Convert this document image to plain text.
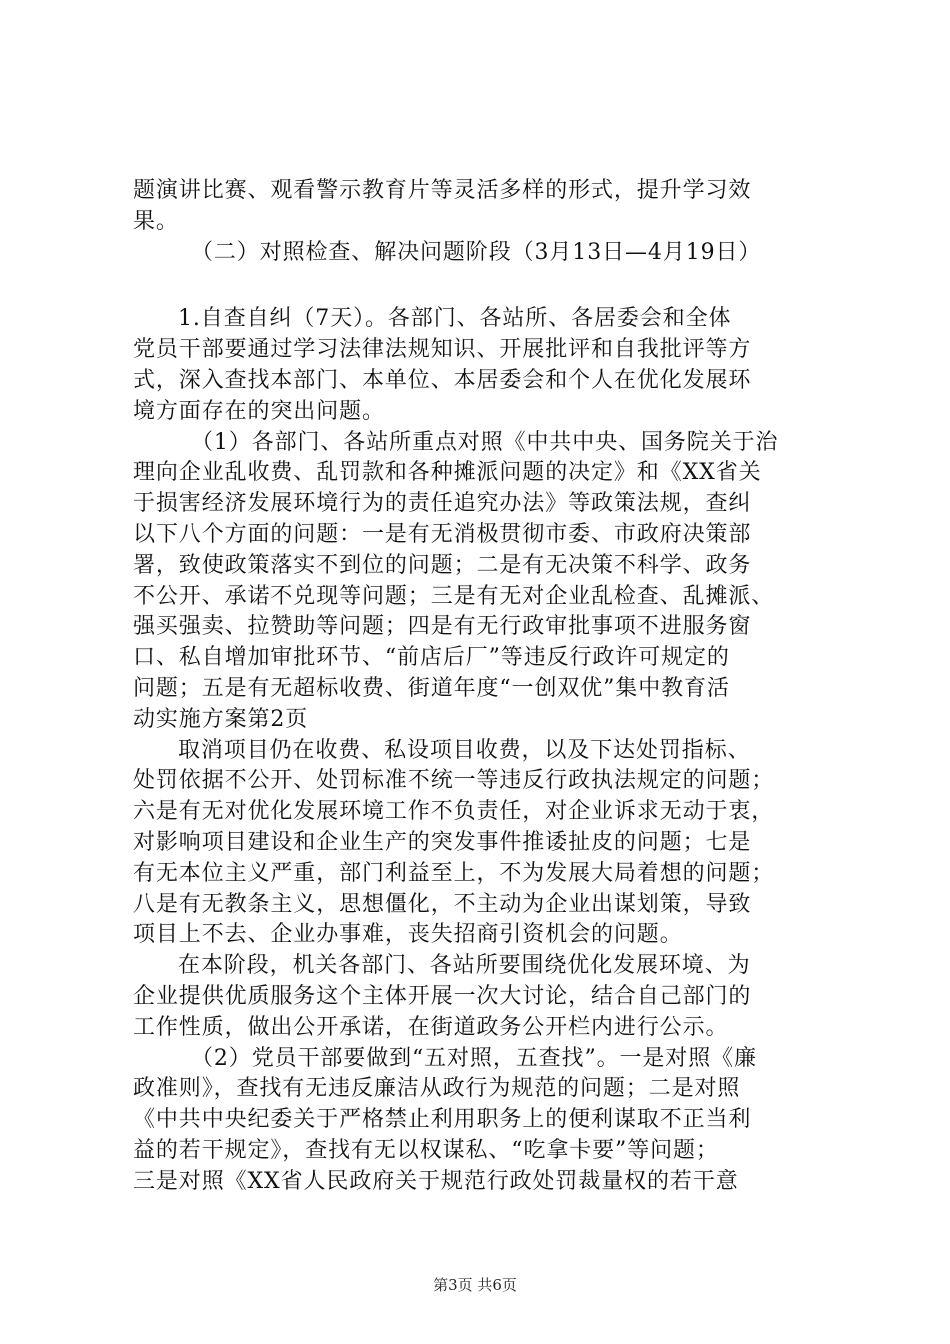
题演讲比赛、观看警示教育片等灵活多样的形式，提升学习效
果。
（二）对照检查、解决问题阶段（3月13日—4月19日）
1.自查自纠（7天）。各部门、各站所、各居委会和全体
党员干部要通过学习法律法规知识、开展批评和自我批评等方
式，深入查找本部门、本单位、本居委会和个人在优化发展环
境方面存在的突出问题。
（1）各部门、各站所重点对照《中共中央、国务院关于治
理向企业乱收费、乱罚款和各种摊派问题的决定》和《XX省关
于损害经济发展环境行为的责任追究办法》等政策法规，查纠
以下八个方面的问题：一是有无消极贯彻市委、市政府决策部
署，致使政策落实不到位的问题；二是有无决策不科学、政务
不公开、承诺不兑现等问题；三是有无对企业乱检查、乱摊派、
强买强卖、拉赞助等问题；四是有无行政审批事项不进服务窗
口、私自增加审批环节、“前店后厂”等违反行政许可规定的
问题；五是有无超标收费、街道年度“一创双优”集中教育活
动实施方案第2页
取消项目仍在收费、私设项目收费，以及下达处罚指标、
处罚依据不公开、处罚标准不统一等违反行政执法规定的问题；
六是有无对优化发展环境工作不负责任，对企业诉求无动于衷，
对影响项目建设和企业生产的突发事件推诿扯皮的问题；七是
有无本位主义严重，部门利益至上，不为发展大局着想的问题；
八是有无教条主义，思想僵化，不主动为企业出谋划策，导致
项目上不去、企业办事难，丧失招商引资机会的问题。
在本阶段，机关各部门、各站所要围绕优化发展环境、为
企业提供优质服务这个主体开展一次大讨论，结合自己部门的
工作性质，做出公开承诺，在街道政务公开栏内进行公示。
（2）党员干部要做到“五对照，五查找”。一是对照《廉
政准则》，查找有无违反廉洁从政行为规范的问题；二是对照
《中共中央纪委关于严格禁止利用职务上的便利谋取不正当利
益的若干规定》，查找有无以权谋私、“吃拿卡要”等问题；
三是对照《XX省人民政府关于规范行政处罚裁量权的若干意
第3页 共6页
